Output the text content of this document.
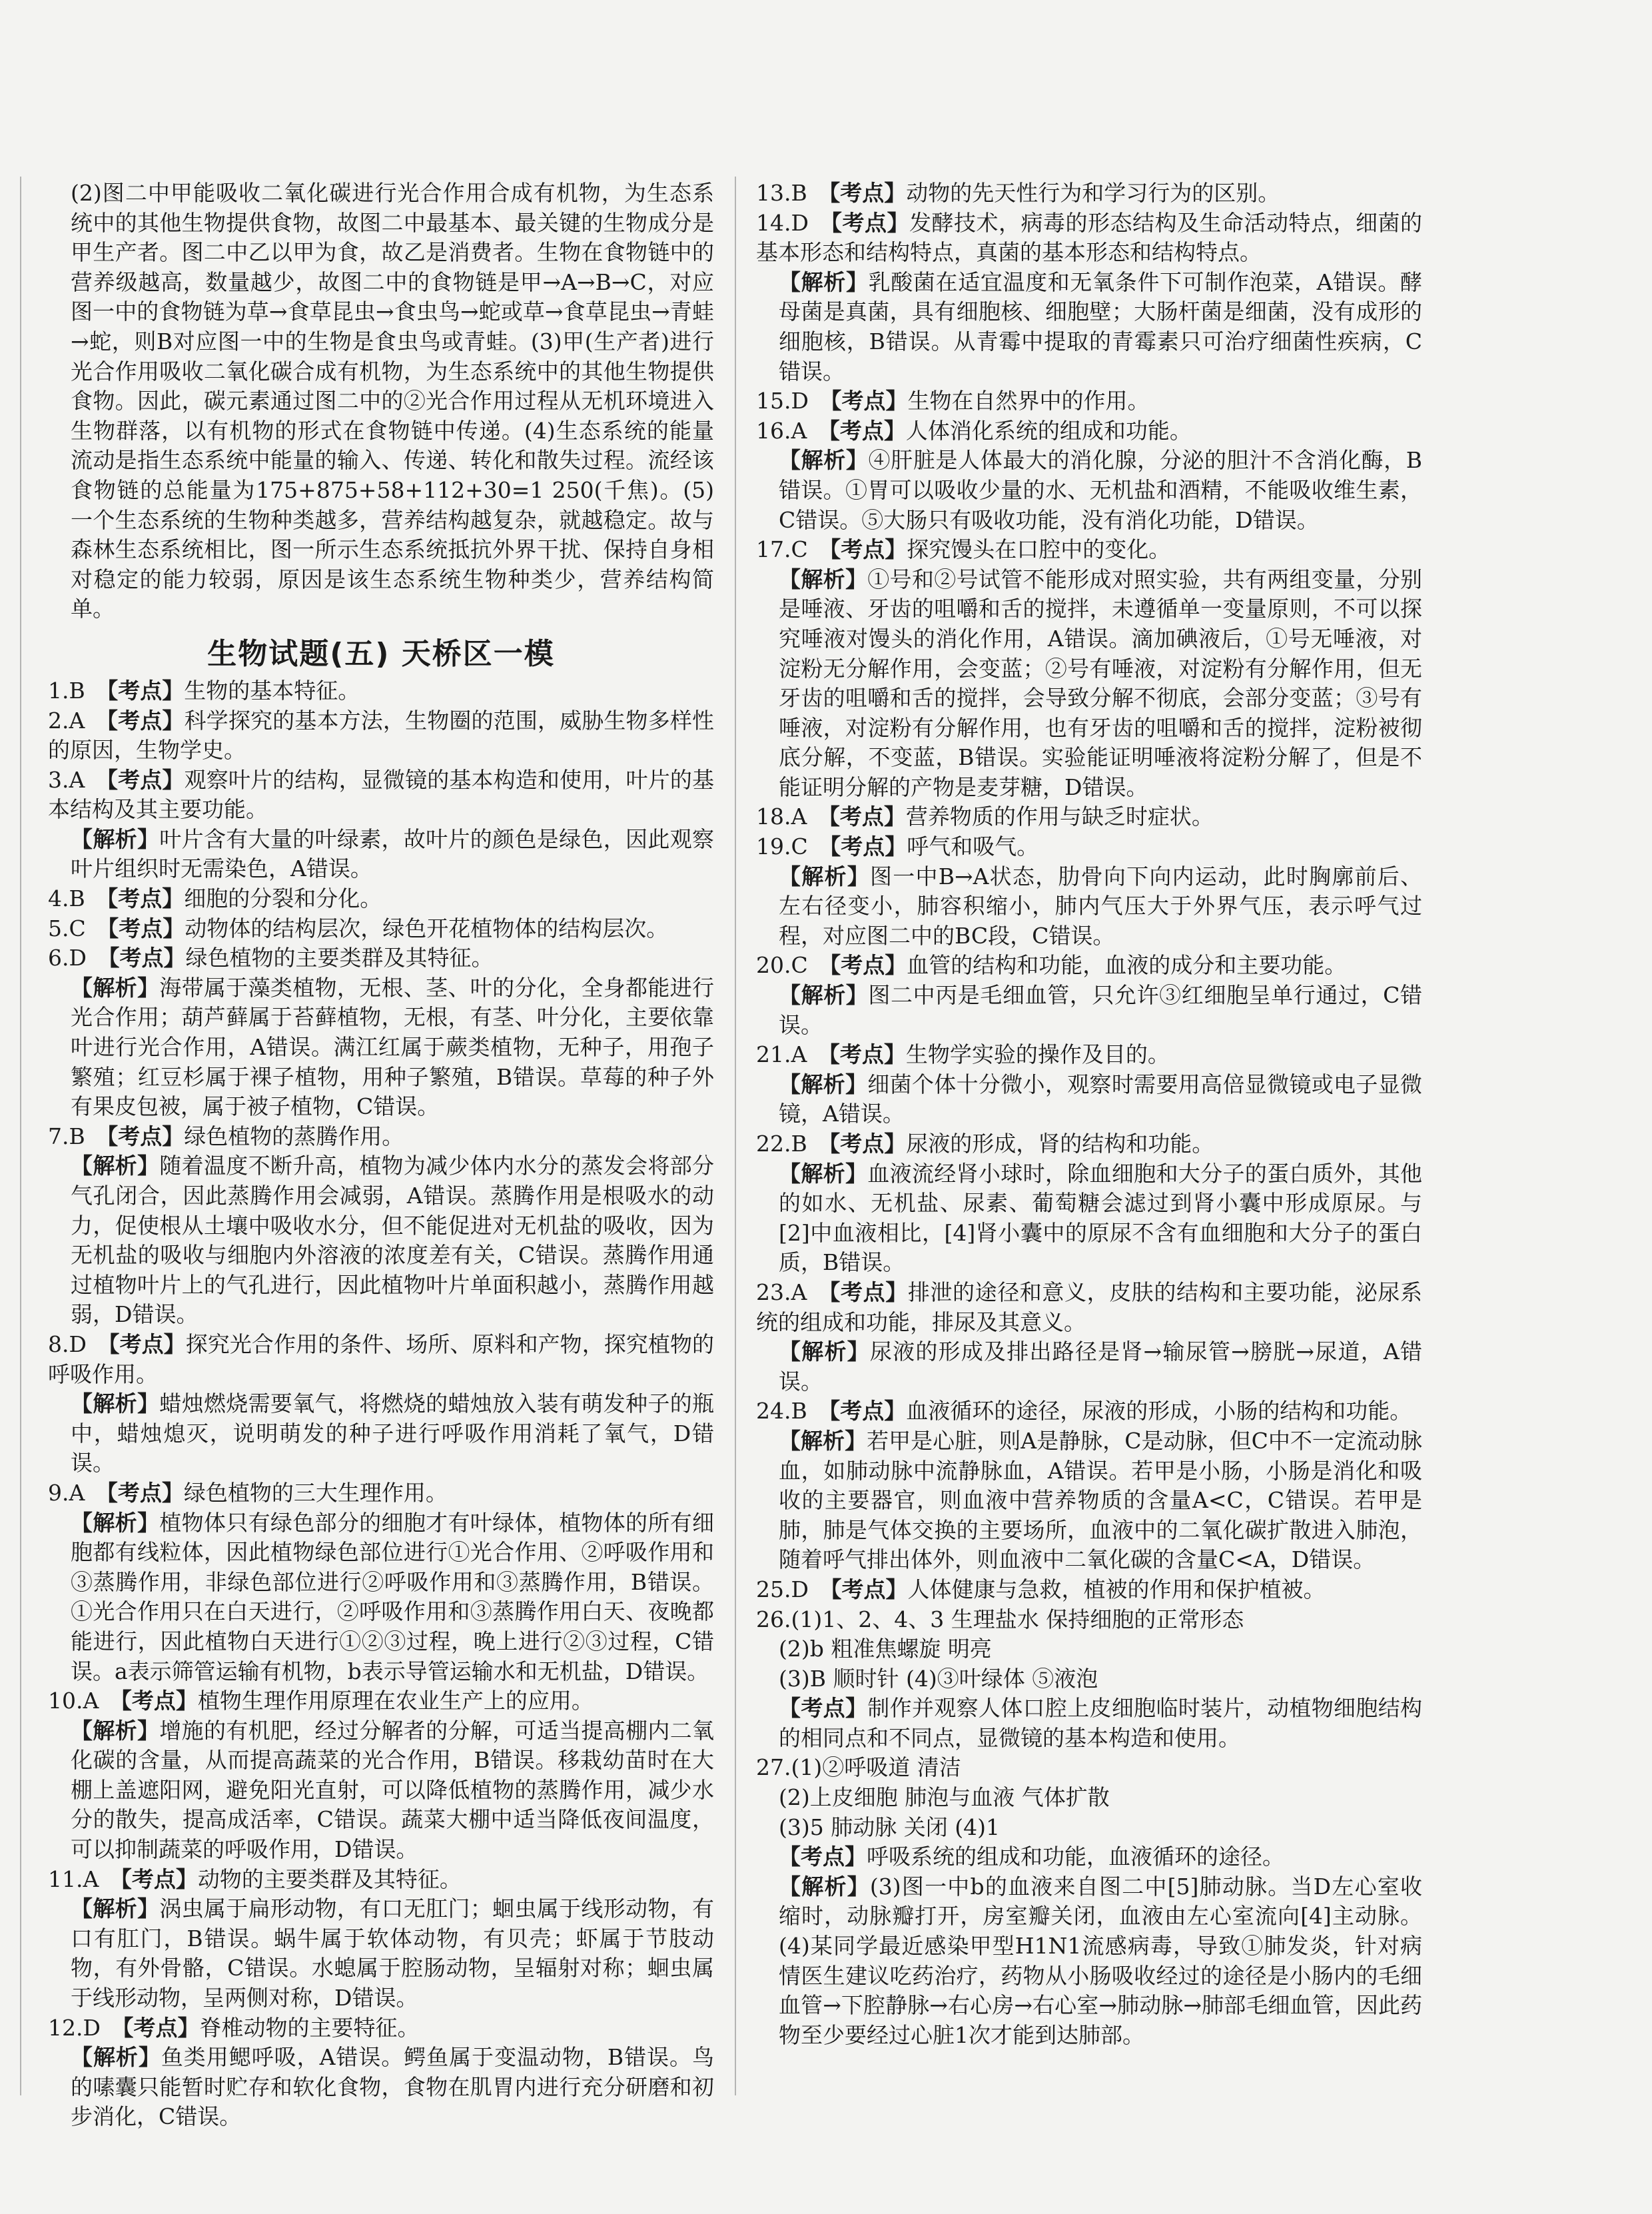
(2)图二中甲能吸收二氧化碳进行光合作用合成有机物，为生态系统中的其他生物提供食物，故图二中最基本、最关键的生物成分是甲生产者。图二中乙以甲为食，故乙是消费者。生物在食物链中的营养级越高，数量越少，故图二中的食物链是甲→A→B→C，对应图一中的食物链为草→食草昆虫→食虫鸟→蛇或草→食草昆虫→青蛙→蛇，则B对应图一中的生物是食虫鸟或青蛙。(3)甲(生产者)进行光合作用吸收二氧化碳合成有机物，为生态系统中的其他生物提供食物。因此，碳元素通过图二中的②光合作用过程从无机环境进入生物群落，以有机物的形式在食物链中传递。(4)生态系统的能量流动是指生态系统中能量的输入、传递、转化和散失过程。流经该食物链的总能量为175+875+58+112+30=1 250(千焦)。(5)一个生态系统的生物种类越多，营养结构越复杂，就越稳定。故与森林生态系统相比，图一所示生态系统抵抗外界干扰、保持自身相对稳定的能力较弱，原因是该生态系统生物种类少，营养结构简单。

生物试题(五) 天桥区一模

1.B  【考点】生物的基本特征。

2.A  【考点】科学探究的基本方法，生物圈的范围，威胁生物多样性的原因，生物学史。

3.A  【考点】观察叶片的结构，显微镜的基本构造和使用，叶片的基本结构及其主要功能。

【解析】叶片含有大量的叶绿素，故叶片的颜色是绿色，因此观察叶片组织时无需染色，A错误。

4.B  【考点】细胞的分裂和分化。

5.C  【考点】动物体的结构层次，绿色开花植物体的结构层次。

6.D  【考点】绿色植物的主要类群及其特征。

【解析】海带属于藻类植物，无根、茎、叶的分化，全身都能进行光合作用；葫芦藓属于苔藓植物，无根，有茎、叶分化，主要依靠叶进行光合作用，A错误。满江红属于蕨类植物，无种子，用孢子繁殖；红豆杉属于裸子植物，用种子繁殖，B错误。草莓的种子外有果皮包被，属于被子植物，C错误。

7.B  【考点】绿色植物的蒸腾作用。

【解析】随着温度不断升高，植物为减少体内水分的蒸发会将部分气孔闭合，因此蒸腾作用会减弱，A错误。蒸腾作用是根吸水的动力，促使根从土壤中吸收水分，但不能促进对无机盐的吸收，因为无机盐的吸收与细胞内外溶液的浓度差有关，C错误。蒸腾作用通过植物叶片上的气孔进行，因此植物叶片单面积越小，蒸腾作用越弱，D错误。

8.D  【考点】探究光合作用的条件、场所、原料和产物，探究植物的呼吸作用。

【解析】蜡烛燃烧需要氧气，将燃烧的蜡烛放入装有萌发种子的瓶中，蜡烛熄灭，说明萌发的种子进行呼吸作用消耗了氧气，D错误。

9.A  【考点】绿色植物的三大生理作用。

【解析】植物体只有绿色部分的细胞才有叶绿体，植物体的所有细胞都有线粒体，因此植物绿色部位进行①光合作用、②呼吸作用和③蒸腾作用，非绿色部位进行②呼吸作用和③蒸腾作用，B错误。①光合作用只在白天进行，②呼吸作用和③蒸腾作用白天、夜晚都能进行，因此植物白天进行①②③过程，晚上进行②③过程，C错误。a表示筛管运输有机物，b表示导管运输水和无机盐，D错误。

10.A  【考点】植物生理作用原理在农业生产上的应用。

【解析】增施的有机肥，经过分解者的分解，可适当提高棚内二氧化碳的含量，从而提高蔬菜的光合作用，B错误。移栽幼苗时在大棚上盖遮阳网，避免阳光直射，可以降低植物的蒸腾作用，减少水分的散失，提高成活率，C错误。蔬菜大棚中适当降低夜间温度，可以抑制蔬菜的呼吸作用，D错误。

11.A  【考点】动物的主要类群及其特征。

【解析】涡虫属于扁形动物，有口无肛门；蛔虫属于线形动物，有口有肛门，B错误。蜗牛属于软体动物，有贝壳；虾属于节肢动物，有外骨骼，C错误。水螅属于腔肠动物，呈辐射对称；蛔虫属于线形动物，呈两侧对称，D错误。

12.D  【考点】脊椎动物的主要特征。

【解析】鱼类用鳃呼吸，A错误。鳄鱼属于变温动物，B错误。鸟的嗉囊只能暂时贮存和软化食物，食物在肌胃内进行充分研磨和初步消化，C错误。

13.B  【考点】动物的先天性行为和学习行为的区别。

14.D  【考点】发酵技术，病毒的形态结构及生命活动特点，细菌的基本形态和结构特点，真菌的基本形态和结构特点。

【解析】乳酸菌在适宜温度和无氧条件下可制作泡菜，A错误。酵母菌是真菌，具有细胞核、细胞壁；大肠杆菌是细菌，没有成形的细胞核，B错误。从青霉中提取的青霉素只可治疗细菌性疾病，C错误。

15.D  【考点】生物在自然界中的作用。

16.A  【考点】人体消化系统的组成和功能。

【解析】④肝脏是人体最大的消化腺，分泌的胆汁不含消化酶，B错误。①胃可以吸收少量的水、无机盐和酒精，不能吸收维生素，C错误。⑤大肠只有吸收功能，没有消化功能，D错误。

17.C  【考点】探究馒头在口腔中的变化。

【解析】①号和②号试管不能形成对照实验，共有两组变量，分别是唾液、牙齿的咀嚼和舌的搅拌，未遵循单一变量原则，不可以探究唾液对馒头的消化作用，A错误。滴加碘液后，①号无唾液，对淀粉无分解作用，会变蓝；②号有唾液，对淀粉有分解作用，但无牙齿的咀嚼和舌的搅拌，会导致分解不彻底，会部分变蓝；③号有唾液，对淀粉有分解作用，也有牙齿的咀嚼和舌的搅拌，淀粉被彻底分解，不变蓝，B错误。实验能证明唾液将淀粉分解了，但是不能证明分解的产物是麦芽糖，D错误。

18.A  【考点】营养物质的作用与缺乏时症状。

19.C  【考点】呼气和吸气。

【解析】图一中B→A状态，肋骨向下向内运动，此时胸廓前后、左右径变小，肺容积缩小，肺内气压大于外界气压，表示呼气过程，对应图二中的BC段，C错误。

20.C  【考点】血管的结构和功能，血液的成分和主要功能。

【解析】图二中丙是毛细血管，只允许③红细胞呈单行通过，C错误。

21.A  【考点】生物学实验的操作及目的。

【解析】细菌个体十分微小，观察时需要用高倍显微镜或电子显微镜，A错误。

22.B  【考点】尿液的形成，肾的结构和功能。

【解析】血液流经肾小球时，除血细胞和大分子的蛋白质外，其他的如水、无机盐、尿素、葡萄糖会滤过到肾小囊中形成原尿。与[2]中血液相比，[4]肾小囊中的原尿不含有血细胞和大分子的蛋白质，B错误。

23.A  【考点】排泄的途径和意义，皮肤的结构和主要功能，泌尿系统的组成和功能，排尿及其意义。

【解析】尿液的形成及排出路径是肾→输尿管→膀胱→尿道，A错误。

24.B  【考点】血液循环的途径，尿液的形成，小肠的结构和功能。

【解析】若甲是心脏，则A是静脉，C是动脉，但C中不一定流动脉血，如肺动脉中流静脉血，A错误。若甲是小肠，小肠是消化和吸收的主要器官，则血液中营养物质的含量A<C，C错误。若甲是肺，肺是气体交换的主要场所，血液中的二氧化碳扩散进入肺泡，随着呼气排出体外，则血液中二氧化碳的含量C<A，D错误。

25.D  【考点】人体健康与急救，植被的作用和保护植被。

26.(1)1、2、4、3 生理盐水 保持细胞的正常形态

(2)b 粗准焦螺旋 明亮

(3)B 顺时针 (4)③叶绿体 ⑤液泡

【考点】制作并观察人体口腔上皮细胞临时装片，动植物细胞结构的相同点和不同点，显微镜的基本构造和使用。

27.(1)②呼吸道 清洁

(2)上皮细胞 肺泡与血液 气体扩散

(3)5 肺动脉 关闭 (4)1

【考点】呼吸系统的组成和功能，血液循环的途径。

【解析】(3)图一中b的血液来自图二中[5]肺动脉。当D左心室收缩时，动脉瓣打开，房室瓣关闭，血液由左心室流向[4]主动脉。(4)某同学最近感染甲型H1N1流感病毒，导致①肺发炎，针对病情医生建议吃药治疗，药物从小肠吸收经过的途径是小肠内的毛细血管→下腔静脉→右心房→右心室→肺动脉→肺部毛细血管，因此药物至少要经过心脏1次才能到达肺部。
